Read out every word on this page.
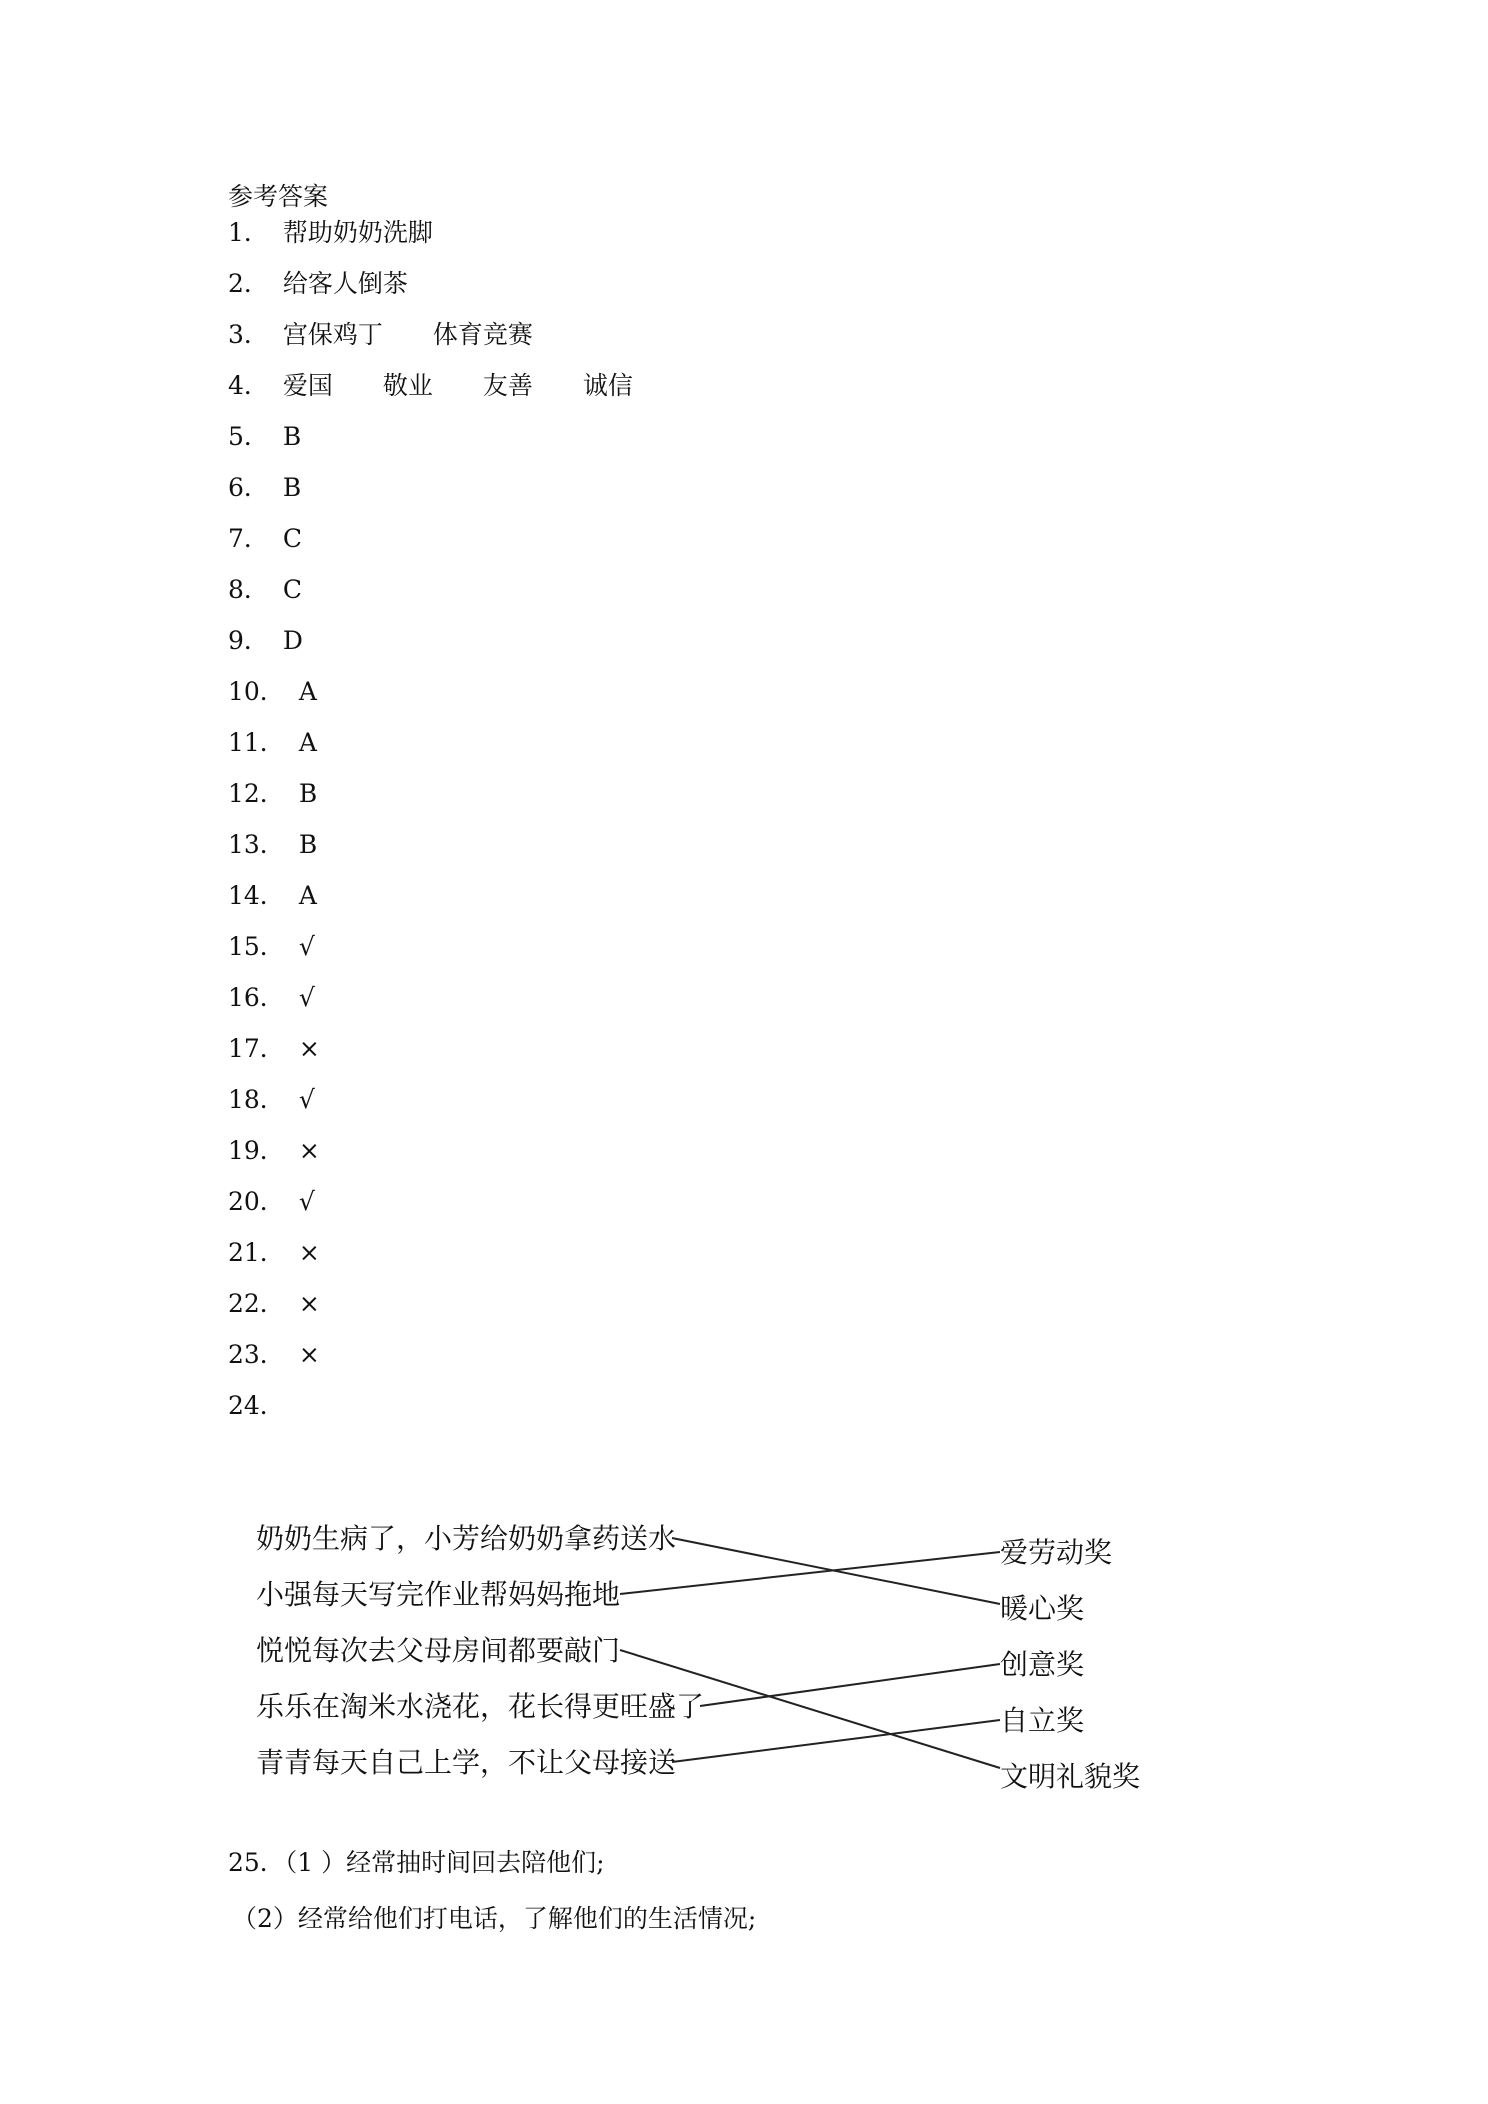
参考答案
1． 帮助奶奶洗脚
2． 给客人倒茶
3． 宫保鸡丁　　体育竞赛
4． 爱国　　敬业　　友善　　诚信
5． B
6． B
7． C
8． C
9． D
10． A
11． A
12． B
13． B
14． A
15． √
16． √
17． ×
18． √
19． ×
20． √
21． ×
22． ×
23． ×
24．
奶奶生病了，小芳给奶奶拿药送水
小强每天写完作业帮妈妈拖地
悦悦每次去父母房间都要敲门
乐乐在淘米水浇花，花长得更旺盛了
青青每天自己上学，不让父母接送
爱劳动奖
暖心奖
创意奖
自立奖
文明礼貌奖
25．（1 ）经常抽时间回去陪他们;
（2）经常给他们打电话，了解他们的生活情况;
